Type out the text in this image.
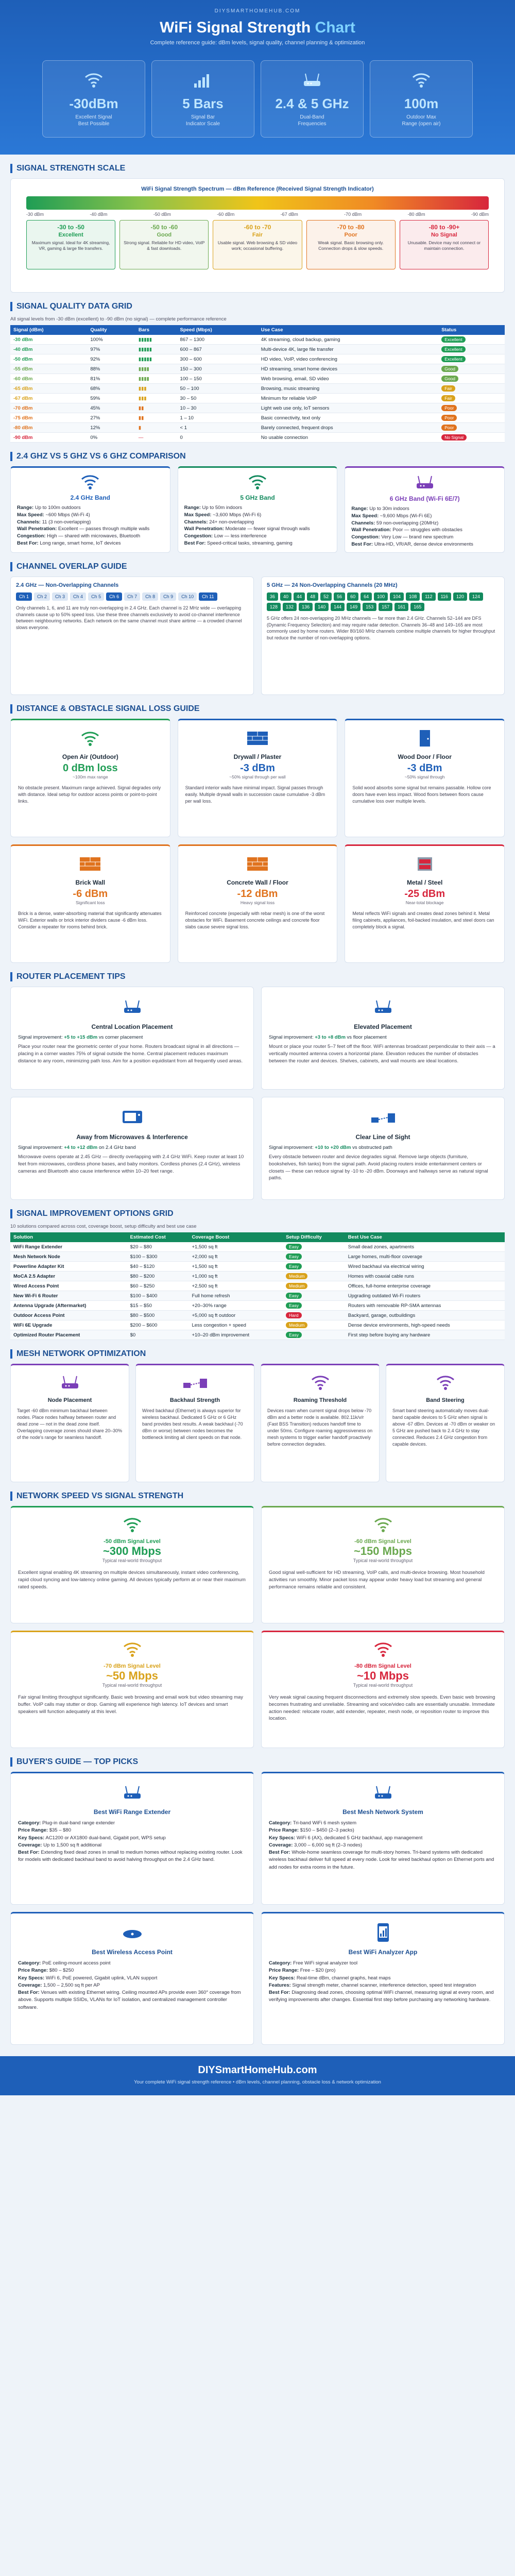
DIYSMARTHOMEHUB.COM
WiFi Signal Strength Chart
Complete reference guide: dBm levels, signal quality, channel planning & optimization
-30dBm
Excellent Signal
Best Possible
5 Bars
Signal Bar
Indicator Scale
2.4 & 5 GHz
Dual-Band
Frequencies
100m
Outdoor Max
Range (open air)
SIGNAL STRENGTH SCALE
WiFi Signal Strength Spectrum — dBm Reference (Received Signal Strength Indicator)
-30 dBm	-40 dBm	-50 dBm	-60 dBm	-67 dBm	-70 dBm	-80 dBm	-90 dBm
-30 to -50
Excellent
Maximum signal. Ideal for 4K streaming, VR, gaming & large file transfers.
-50 to -60
Good
Strong signal. Reliable for HD video, VoIP & fast downloads.
-60 to -70
Fair
Usable signal. Web browsing & SD video work; occasional buffering.
-70 to -80
Poor
Weak signal. Basic browsing only. Connection drops & slow speeds.
-80 to -90+
No Signal
Unusable. Device may not connect or maintain connection.
SIGNAL QUALITY DATA GRID
All signal levels from -30 dBm (excellent) to -90 dBm (no signal) — complete performance reference
Signal (dBm)	Quality	Bars	Speed (Mbps)	Use Case	Status
-30 dBm	100%	▮▮▮▮▮	867 – 1300	4K streaming, cloud backup, gaming	Excellent
-40 dBm	97%	▮▮▮▮▮	600 – 867	Multi-device 4K, large file transfer	Excellent
-50 dBm	92%	▮▮▮▮▮	300 – 600	HD video, VoIP, video conferencing	Excellent
-55 dBm	88%	▮▮▮▮	150 – 300	HD streaming, smart home devices	Good
-60 dBm	81%	▮▮▮▮	100 – 150	Web browsing, email, SD video	Good
-65 dBm	68%	▮▮▮	50 – 100	Browsing, music streaming	Fair
-67 dBm	59%	▮▮▮	30 – 50	Minimum for reliable VoIP	Fair
-70 dBm	45%	▮▮	10 – 30	Light web use only, IoT sensors	Poor
-75 dBm	27%	▮▮	1 – 10	Basic connectivity, text only	Poor
-80 dBm	12%	▮	< 1	Barely connected, frequent drops	Poor
-90 dBm	0%	—	0	No usable connection	No Signal
2.4 GHZ VS 5 GHZ VS 6 GHZ COMPARISON
2.4 GHz Band
Range: Up to 100m outdoors
Max Speed: ~600 Mbps (Wi-Fi 4)
Channels: 11 (3 non-overlapping)
Wall Penetration: Excellent — passes through multiple walls
Congestion: High — shared with microwaves, Bluetooth
Best For: Long range, smart home, IoT devices
5 GHz Band
Range: Up to 50m indoors
Max Speed: ~3,600 Mbps (Wi-Fi 6)
Channels: 24+ non-overlapping
Wall Penetration: Moderate — fewer signal through walls
Congestion: Low — less interference
Best For: Speed-critical tasks, streaming, gaming
6 GHz Band (Wi-Fi 6E/7)
Range: Up to 30m indoors
Max Speed: ~9,600 Mbps (Wi-Fi 6E)
Channels: 59 non-overlapping (20MHz)
Wall Penetration: Poor — struggles with obstacles
Congestion: Very Low — brand new spectrum
Best For: Ultra-HD, VR/AR, dense device environments
CHANNEL OVERLAP GUIDE
2.4 GHz — Non-Overlapping Channels
Ch 1	Ch 2	Ch 3	Ch 4	Ch 5	Ch 6	Ch 7	Ch 8	Ch 9	Ch 10	Ch 11

Only channels 1, 6, and 11 are truly non-overlapping in 2.4 GHz. Each channel is 22 MHz wide — overlapping channels cause up to 50% speed loss. Use these three channels exclusively to avoid co-channel interference between neighbouring networks. Each network on the same channel must share airtime — a crowded channel slows everyone.

5 GHz — 24 Non-Overlapping Channels (20 MHz)
36	40	44	48	52	56	60	64	100	104	108	112	116	120	124
128	132	136	140	144	149	153	157	161	165

5 GHz offers 24 non-overlapping 20 MHz channels — far more than 2.4 GHz. Channels 52–144 are DFS (Dynamic Frequency Selection) and may require radar detection. Channels 36–48 and 149–165 are most commonly used by home routers. Wider 80/160 MHz channels combine multiple channels for higher throughput but reduce the number of non-overlapping options.

DISTANCE & OBSTACLE SIGNAL LOSS GUIDE
Open Air (Outdoor)
0 dBm loss
~100m max range

No obstacle present. Maximum range achieved. Signal degrades only with distance. Ideal setup for outdoor access points or point-to-point links.

Drywall / Plaster
-3 dBm
~50% signal through per wall

Standard interior walls have minimal impact. Signal passes through easily. Multiple drywall walls in succession cause cumulative -3 dBm per wall loss.

Wood Door / Floor
-3 dBm
~50% signal through

Solid wood absorbs some signal but remains passable. Hollow core doors have even less impact. Wood floors between floors cause cumulative loss over multiple levels.

Brick Wall
-6 dBm
Significant loss

Brick is a dense, water-absorbing material that significantly attenuates WiFi. Exterior walls or brick interior dividers cause -6 dBm loss. Consider a repeater for rooms behind brick.

Concrete Wall / Floor
-12 dBm
Heavy signal loss

Reinforced concrete (especially with rebar mesh) is one of the worst obstacles for WiFi. Basement concrete ceilings and concrete floor slabs cause severe signal loss.

Metal / Steel
-25 dBm
Near-total blockage

Metal reflects WiFi signals and creates dead zones behind it. Metal filing cabinets, appliances, foil-backed insulation, and steel doors can completely block a signal.

ROUTER PLACEMENT TIPS
Central Location Placement
Signal improvement: +5 to +15 dBm vs corner placement

Place your router near the geometric center of your home. Routers broadcast signal in all directions — placing in a corner wastes 75% of signal outside the home. Central placement reduces maximum distance to any room, minimizing path loss. Aim for a position equidistant from all frequently used areas.

Elevated Placement
Signal improvement: +3 to +8 dBm vs floor placement

Mount or place your router 5–7 feet off the floor. WiFi antennas broadcast perpendicular to their axis — a vertically mounted antenna covers a horizontal plane. Elevation reduces the number of obstacles between the router and devices. Shelves, cabinets, and wall mounts are ideal locations.

Away from Microwaves & Interference
Signal improvement: +4 to +12 dBm on 2.4 GHz band

Microwave ovens operate at 2.45 GHz — directly overlapping with 2.4 GHz WiFi. Keep router at least 10 feet from microwaves, cordless phone bases, and baby monitors. Cordless phones (2.4 GHz), wireless cameras and Bluetooth also cause interference within 10–20 feet range.

Clear Line of Sight
Signal improvement: +10 to +20 dBm vs obstructed path

Every obstacle between router and device degrades signal. Remove large objects (furniture, bookshelves, fish tanks) from the signal path. Avoid placing routers inside entertainment centers or closets — these can reduce signal by -10 to -20 dBm. Doorways and hallways serve as natural signal paths.

SIGNAL IMPROVEMENT OPTIONS GRID
10 solutions compared across cost, coverage boost, setup difficulty and best use case
Solution	Estimated Cost	Coverage Boost	Setup Difficulty	Best Use Case
WiFi Range Extender	$20 – $80	+1,500 sq ft	Easy	Small dead zones, apartments
Mesh Network Node	$100 – $300	+2,000 sq ft	Easy	Large homes, multi-floor coverage
Powerline Adapter Kit	$40 – $120	+1,500 sq ft	Easy	Wired backhaul via electrical wiring
MoCA 2.5 Adapter	$80 – $200	+1,000 sq ft	Medium	Homes with coaxial cable runs
Wired Access Point	$60 – $250	+2,500 sq ft	Medium	Offices, full-home enterprise coverage
New Wi-Fi 6 Router	$100 – $400	Full home refresh	Easy	Upgrading outdated Wi-Fi routers
Antenna Upgrade (Aftermarket)	$15 – $50	+20–30% range	Easy	Routers with removable RP-SMA antennas
Outdoor Access Point	$80 – $500	+5,000 sq ft outdoor	Hard	Backyard, garage, outbuildings
WiFi 6E Upgrade	$200 – $600	Less congestion + speed	Medium	Dense device environments, high-speed needs
Optimized Router Placement	$0	+10–20 dBm improvement	Easy	First step before buying any hardware
MESH NETWORK OPTIMIZATION
Node Placement

Target -60 dBm minimum backhaul between nodes. Place nodes halfway between router and dead zone — not in the dead zone itself. Overlapping coverage zones should share 20–30% of the node's range for seamless handoff.

Backhaul Strength

Wired backhaul (Ethernet) is always superior for wireless backhaul. Dedicated 5 GHz or 6 GHz band provides best results. A weak backhaul (-70 dBm or worse) between nodes becomes the bottleneck limiting all client speeds on that node.

Roaming Threshold

Devices roam when current signal drops below -70 dBm and a better node is available. 802.11k/v/r (Fast BSS Transition) reduces handoff time to under 50ms. Configure roaming aggressiveness on mesh systems to trigger earlier handoff proactively before connection degrades.

Band Steering

Smart band steering automatically moves dual-band capable devices to 5 GHz when signal is above -67 dBm. Devices at -70 dBm or weaker on 5 GHz are pushed back to 2.4 GHz to stay connected. Reduces 2.4 GHz congestion from capable devices.

NETWORK SPEED VS SIGNAL STRENGTH
-50 dBm Signal Level
~300 Mbps
Typical real-world throughput

Excellent signal enabling 4K streaming on multiple devices simultaneously, instant video conferencing, rapid cloud syncing and low-latency online gaming. All devices typically perform at or near their maximum rated speeds.

-60 dBm Signal Level
~150 Mbps
Typical real-world throughput

Good signal well-sufficient for HD streaming, VoIP calls, and multi-device browsing. Most household activities run smoothly. Minor packet loss may appear under heavy load but streaming and general performance remains reliable and consistent.

-70 dBm Signal Level
~50 Mbps
Typical real-world throughput

Fair signal limiting throughput significantly. Basic web browsing and email work but video streaming may buffer. VoIP calls may stutter or drop. Gaming will experience high latency. IoT devices and smart speakers will function adequately at this level.

-80 dBm Signal Level
~10 Mbps
Typical real-world throughput

Very weak signal causing frequent disconnections and extremely slow speeds. Even basic web browsing becomes frustrating and unreliable. Streaming and voice/video calls are essentially unusable. Immediate action needed: relocate router, add extender, repeater, mesh node, or reposition router to improve this location.

BUYER'S GUIDE — TOP PICKS
Best WiFi Range Extender
Category: Plug-in dual-band range extender
Price Range: $35 – $80
Key Specs: AC1200 or AX1800 dual-band, Gigabit port, WPS setup
Coverage: Up to 1,500 sq ft additional
Best For: Extending fixed dead zones in small to medium homes without replacing existing router. Look for models with dedicated backhaul band to avoid halving throughput on the 2.4 GHz band.
Best Mesh Network System
Category: Tri-band WiFi 6 mesh system
Price Range: $150 – $450 (2–3 packs)
Key Specs: WiFi 6 (AX), dedicated 5 GHz backhaul, app management
Coverage: 3,000 – 6,000 sq ft (2–3 nodes)
Best For: Whole-home seamless coverage for multi-story homes. Tri-band systems with dedicated wireless backhaul deliver full speed at every node. Look for wired backhaul option on Ethernet ports and add nodes for extra rooms in the future.
Best Wireless Access Point
Category: PoE ceiling-mount access point
Price Range: $80 – $250
Key Specs: WiFi 6, PoE powered, Gigabit uplink, VLAN support
Coverage: 1,500 – 2,500 sq ft per AP
Best For: Venues with existing Ethernet wiring. Ceiling mounted APs provide even 360° coverage from above. Supports multiple SSIDs, VLANs for IoT isolation, and centralized management controller software.
Best WiFi Analyzer App
Category: Free WiFi signal analyzer tool
Price Range: Free – $20 (pro)
Key Specs: Real-time dBm, channel graphs, heat maps
Features: Signal strength meter, channel scanner, interference detection, speed test integration
Best For: Diagnosing dead zones, choosing optimal WiFi channel, measuring signal at every room, and verifying improvements after changes. Essential first step before purchasing any networking hardware.
DIYSmartHomeHub.com
Your complete WiFi signal strength reference • dBm levels, channel planning, obstacle loss & network optimization
